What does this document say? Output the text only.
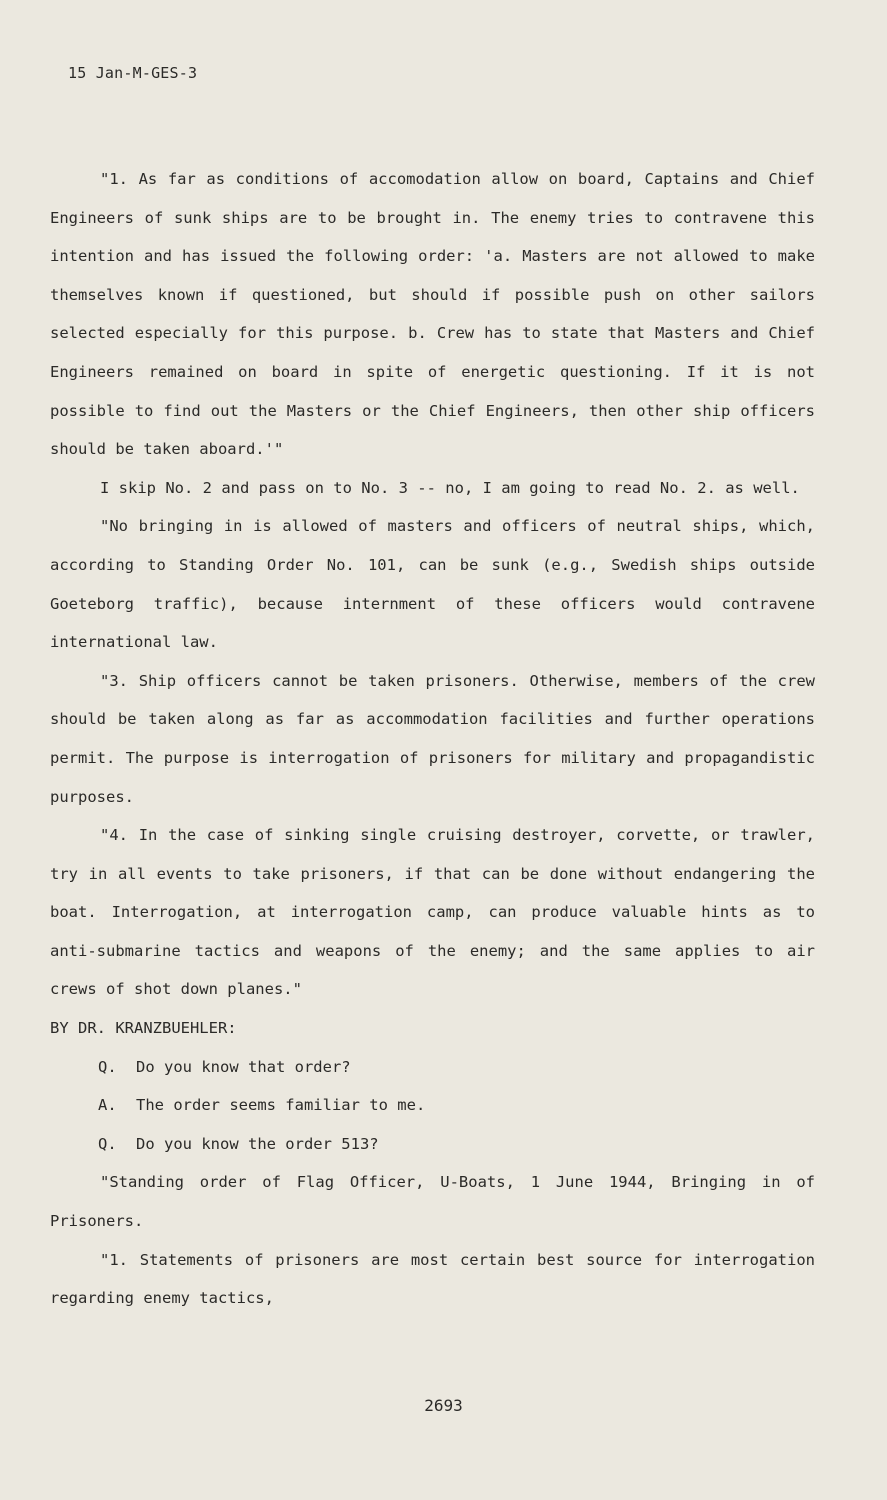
15 Jan-M-GES-3

"1. As far as conditions of accomodation allow on board, Captains and Chief Engineers of sunk ships are to be brought in. The enemy tries to contravene this intention and has issued the following order: 'a. Masters are not allowed to make themselves known if questioned, but should if possible push on other sailors selected especially for this purpose. b. Crew has to state that Masters and Chief Engineers remained on board in spite of energetic questioning. If it is not possible to find out the Masters or the Chief Engineers, then other ship officers should be taken aboard.'"

I skip No. 2 and pass on to No. 3 -- no, I am going to read No. 2. as well.

"No bringing in is allowed of masters and officers of neutral ships, which, according to Standing Order No. 101, can be sunk (e.g., Swedish ships outside Goeteborg traffic), because internment of these officers would contravene international law.

"3. Ship officers cannot be taken prisoners. Otherwise, members of the crew should be taken along as far as accommodation facilities and further operations permit. The purpose is interrogation of prisoners for military and propagandistic purposes.

"4. In the case of sinking single cruising destroyer, corvette, or trawler, try in all events to take prisoners, if that can be done without endangering the boat. Interrogation, at interrogation camp, can produce valuable hints as to anti-submarine tactics and weapons of the enemy; and the same applies to air crews of shot down planes."

BY DR. KRANZBUEHLER:

Q. Do you know that order?

A. The order seems familiar to me.

Q. Do you know the order 513?

"Standing order of Flag Officer, U-Boats, 1 June 1944, Bringing in of Prisoners.

"1. Statements of prisoners are most certain best source for interrogation regarding enemy tactics,

2693
